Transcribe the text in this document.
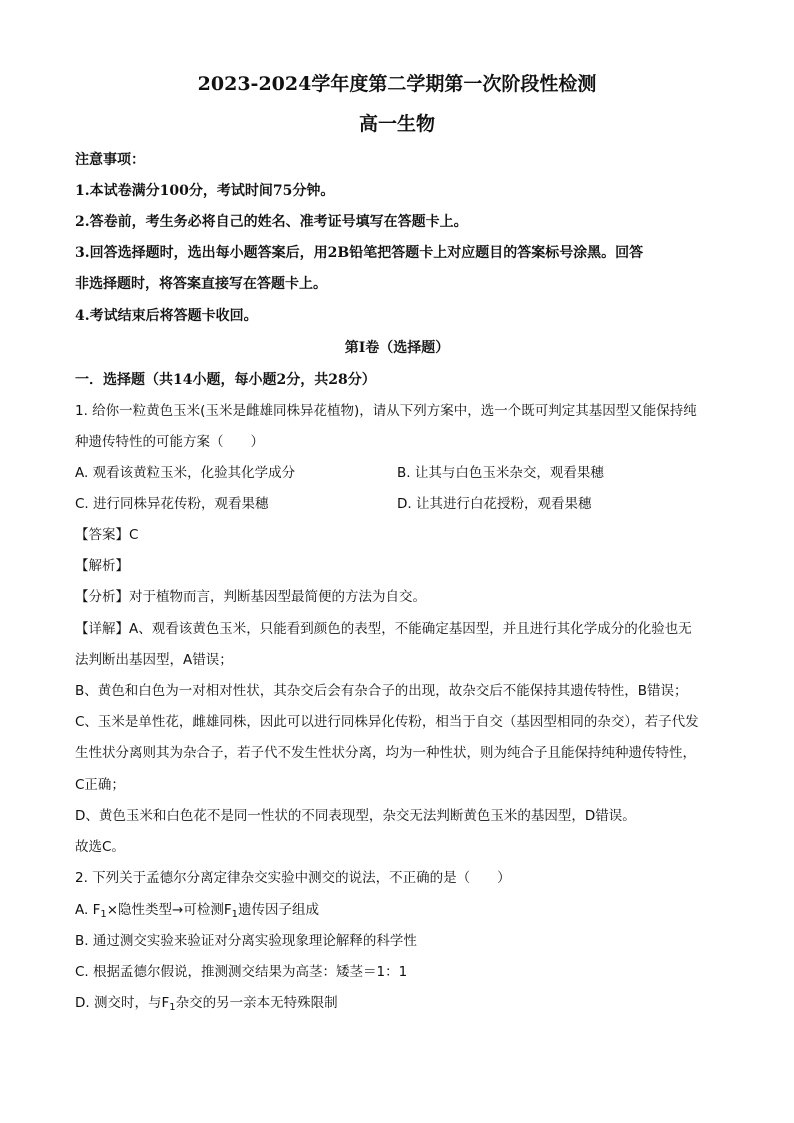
2023-2024学年度第二学期第一次阶段性检测
高一生物
注意事项：
1.本试卷满分100分，考试时间75分钟。
2.答卷前，考生务必将自己的姓名、准考证号填写在答题卡上。
3.回答选择题时，选出每小题答案后，用2B铅笔把答题卡上对应题目的答案标号涂黑。回答
非选择题时，将答案直接写在答题卡上。
4.考试结束后将答题卡收回。
第I卷（选择题）
一．选择题（共14小题，每小题2分，共28分）
1. 给你一粒黄色玉米(玉米是雌雄同株异花植物)，请从下列方案中，选一个既可判定其基因型又能保持纯
种遗传特性的可能方案（　　）
A. 观看该黄粒玉米，化验其化学成分	B. 让其与白色玉米杂交，观看果穗
C. 进行同株异花传粉，观看果穗	D. 让其进行白花授粉，观看果穗
【答案】C
【解析】
【分析】对于植物而言，判断基因型最简便的方法为自交。
【详解】A、观看该黄色玉米，只能看到颜色的表型，不能确定基因型，并且进行其化学成分的化验也无
法判断出基因型，A错误；
B、黄色和白色为一对相对性状，其杂交后会有杂合子的出现，故杂交后不能保持其遗传特性，B错误；
C、玉米是单性花，雌雄同株，因此可以进行同株异化传粉，相当于自交（基因型相同的杂交），若子代发
生性状分离则其为杂合子，若子代不发生性状分离，均为一种性状，则为纯合子且能保持纯种遗传特性，
C正确；
D、黄色玉米和白色花不是同一性状的不同表现型，杂交无法判断黄色玉米的基因型，D错误。
故选C。
2. 下列关于孟德尔分离定律杂交实验中测交的说法，不正确的是（　　）
A. $F_1\times$隐性类型→可检测$F_1$遗传因子组成
B. 通过测交实验来验证对分离实验现象理论解释的科学性
C. 根据孟德尔假说，推测测交结果为高茎：矮茎＝1：1
D. 测交时，与$F_1$杂交的另一亲本无特殊限制
